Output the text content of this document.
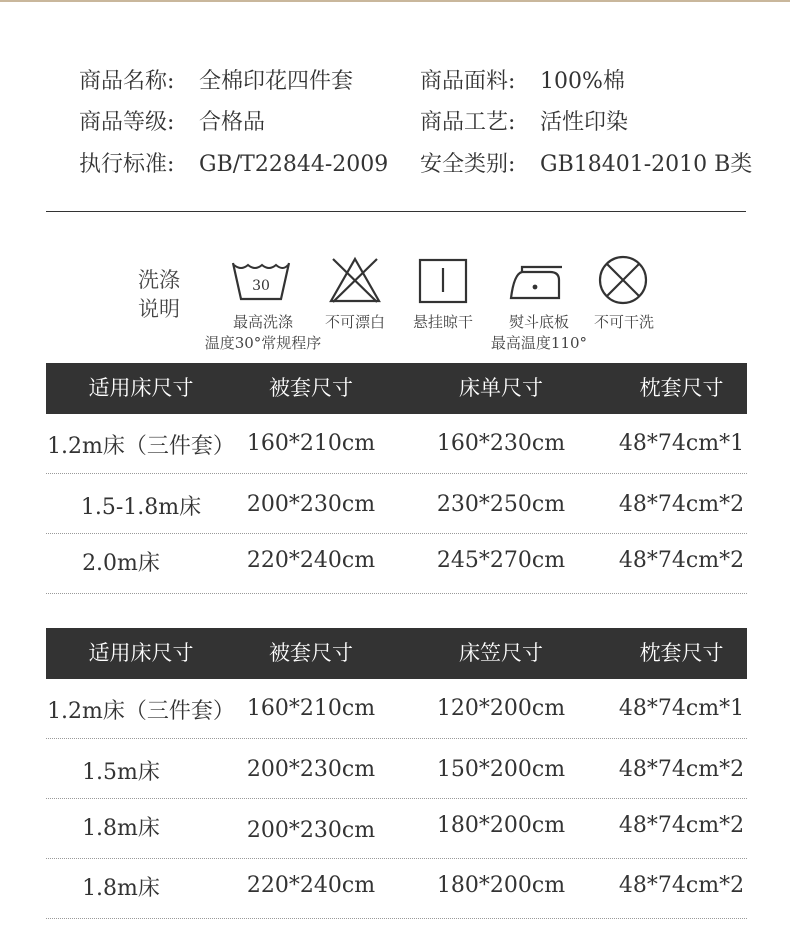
商品名称: 全棉印花四件套	商品面料: 100%棉
商品等级: 合格品	商品工艺: 活性印染
执行标准: GB/T22844-2009 安全类别: GB18401-2010 B类
洗涤
说明
30
最高洗涤
温度30°常规程序
不可漂白	悬挂晾干	熨斗底板
最高温度110°
不可干洗
适用床尺寸	被套尺寸	床单尺寸	枕套尺寸
1.2m床（三件套） 160*210cm	160*230cm	48*74cm*1
1.5-1.8m床	200*230cm	230*250cm	48*74cm*2
2.0m床	220*240cm	245*270cm	48*74cm*2
适用床尺寸	被套尺寸	床笠尺寸	枕套尺寸
1.2m床（三件套） 160*210cm	120*200cm	48*74cm*1
1.5m床	200*230cm	150*200cm	48*74cm*2
1.8m床	200*230cm	180*200cm	48*74cm*2
1.8m床	220*240cm	180*200cm	48*74cm*2
